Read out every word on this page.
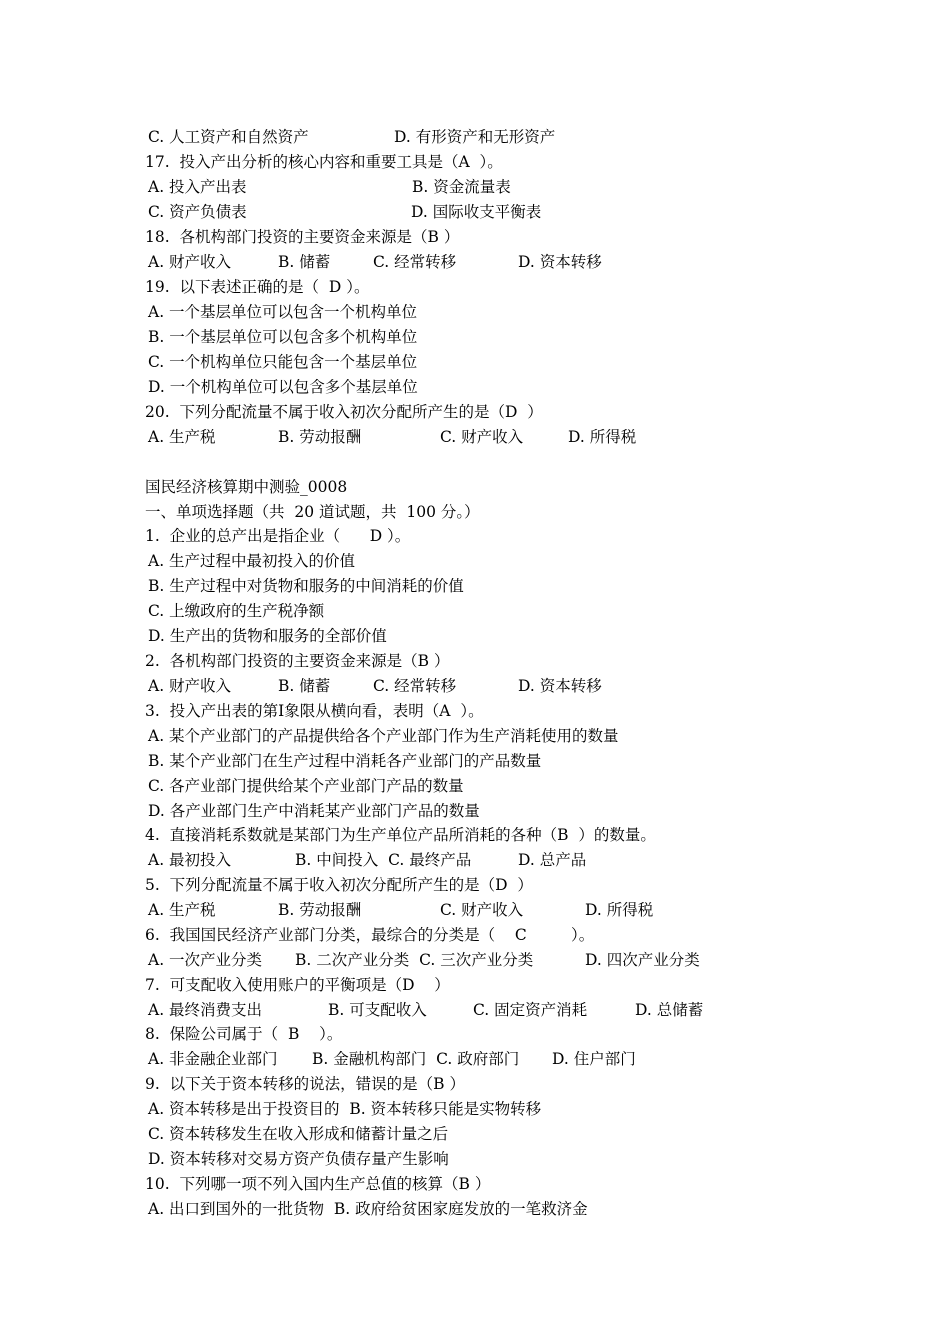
C. 人工资产和自然资产	D. 有形资产和无形资产
17.  投入产出分析的核心内容和重要工具是（A  ）。
A. 投入产出表	B. 资金流量表
C. 资产负债表	D. 国际收支平衡表
18.  各机构部门投资的主要资金来源是（B ）
A. 财产收入	B. 储蓄	C. 经常转移	D. 资本转移
19.  以下表述正确的是（  D ）。
A. 一个基层单位可以包含一个机构单位
B. 一个基层单位可以包含多个机构单位
C. 一个机构单位只能包含一个基层单位
D. 一个机构单位可以包含多个基层单位
20.  下列分配流量不属于收入初次分配所产生的是（D  ）
A. 生产税	B. 劳动报酬	C. 财产收入	D. 所得税
国民经济核算期中测验_0008
一、单项选择题（共  20 道试题，共  100 分。）
1.  企业的总产出是指企业（      D ）。
A. 生产过程中最初投入的价值
B. 生产过程中对货物和服务的中间消耗的价值
C. 上缴政府的生产税净额
D. 生产出的货物和服务的全部价值
2.  各机构部门投资的主要资金来源是（B ）
A. 财产收入	B. 储蓄	C. 经常转移	D. 资本转移
3.  投入产出表的第Ⅰ象限从横向看，表明（A  ）。
A. 某个产业部门的产品提供给各个产业部门作为生产消耗使用的数量
B. 某个产业部门在生产过程中消耗各产业部门的产品数量
C. 各产业部门提供给某个产业部门产品的数量
D. 各产业部门生产中消耗某产业部门产品的数量
4.  直接消耗系数就是某部门为生产单位产品所消耗的各种（B  ）的数量。
A. 最初投入	B. 中间投入  C. 最终产品	D. 总产品
5.  下列分配流量不属于收入初次分配所产生的是（D  ）
A. 生产税	B. 劳动报酬	C. 财产收入	D. 所得税
6.  我国国民经济产业部门分类，最综合的分类是（    C         ）。
A. 一次产业分类 B. 二次产业分类  C. 三次产业分类	D. 四次产业分类
7.  可支配收入使用账户的平衡项是（D    ）
A. 最终消费支出	B. 可支配收入	C. 固定资产消耗	D. 总储蓄
8.  保险公司属于（  B    ）。
A. 非金融企业部门 B. 金融机构部门  C. 政府部门 D. 住户部门
9.  以下关于资本转移的说法，错误的是（B ）
A. 资本转移是出于投资目的  B. 资本转移只能是实物转移
C. 资本转移发生在收入形成和储蓄计量之后
D. 资本转移对交易方资产负债存量产生影响
10.  下列哪一项不列入国内生产总值的核算（B ）
A. 出口到国外的一批货物  B. 政府给贫困家庭发放的一笔救济金
